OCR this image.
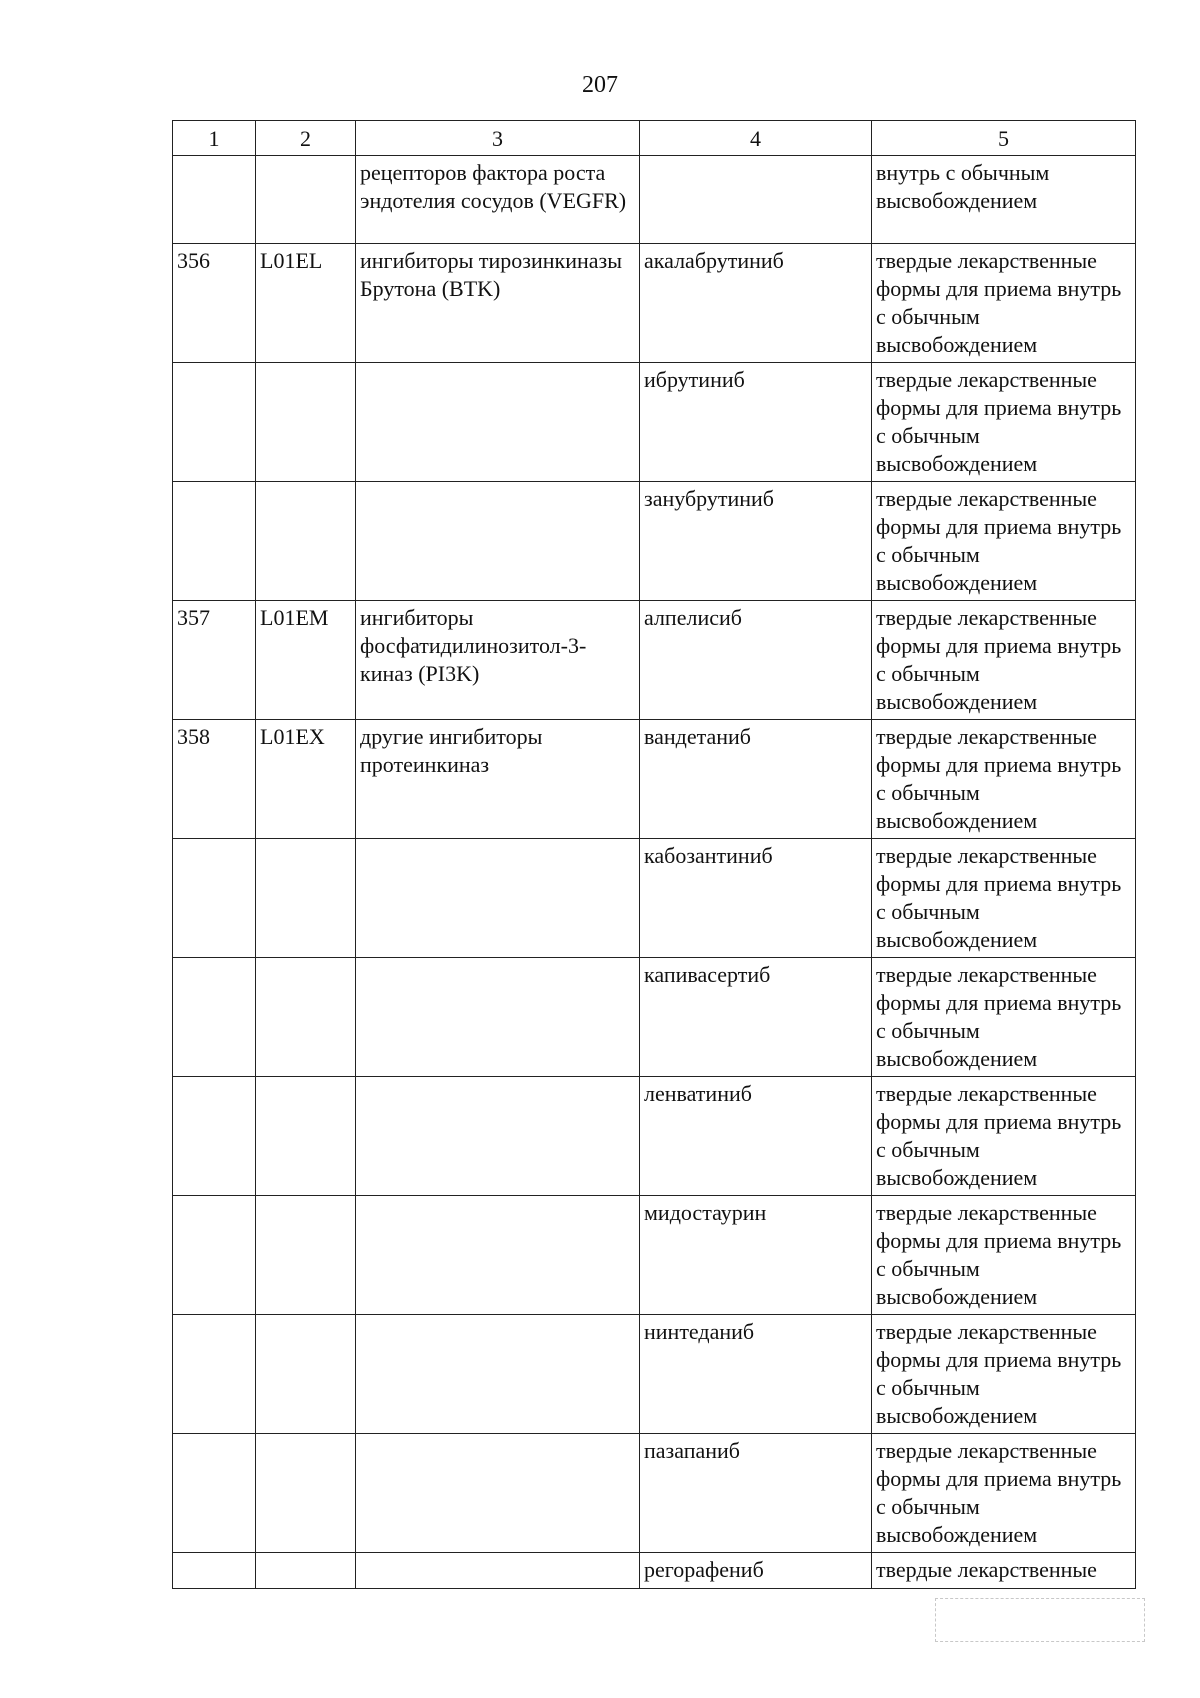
207
1	2	3	4	5
		рецепторов фактора роста эндотелия сосудов (VEGFR)		внутрь с обычным высвобождением
356	L01EL	ингибиторы тирозинкиназы Брутона (BTK)	акалабрутиниб	твердые лекарственные формы для приема внутрь с обычным высвобождением
			ибрутиниб	твердые лекарственные формы для приема внутрь с обычным высвобождением
			занубрутиниб	твердые лекарственные формы для приема внутрь с обычным высвобождением
357	L01EM	ингибиторы фосфатидилинозитол-3-киназ (PI3K)	алпелисиб	твердые лекарственные формы для приема внутрь с обычным высвобождением
358	L01EX	другие ингибиторы протеинкиназ	вандетаниб	твердые лекарственные формы для приема внутрь с обычным высвобождением
			кабозантиниб	твердые лекарственные формы для приема внутрь с обычным высвобождением
			капивасертиб	твердые лекарственные формы для приема внутрь с обычным высвобождением
			ленватиниб	твердые лекарственные формы для приема внутрь с обычным высвобождением
			мидостаурин	твердые лекарственные формы для приема внутрь с обычным высвобождением
			нинтеданиб	твердые лекарственные формы для приема внутрь с обычным высвобождением
			пазапаниб	твердые лекарственные формы для приема внутрь с обычным высвобождением
			регорафениб	твердые лекарственные
